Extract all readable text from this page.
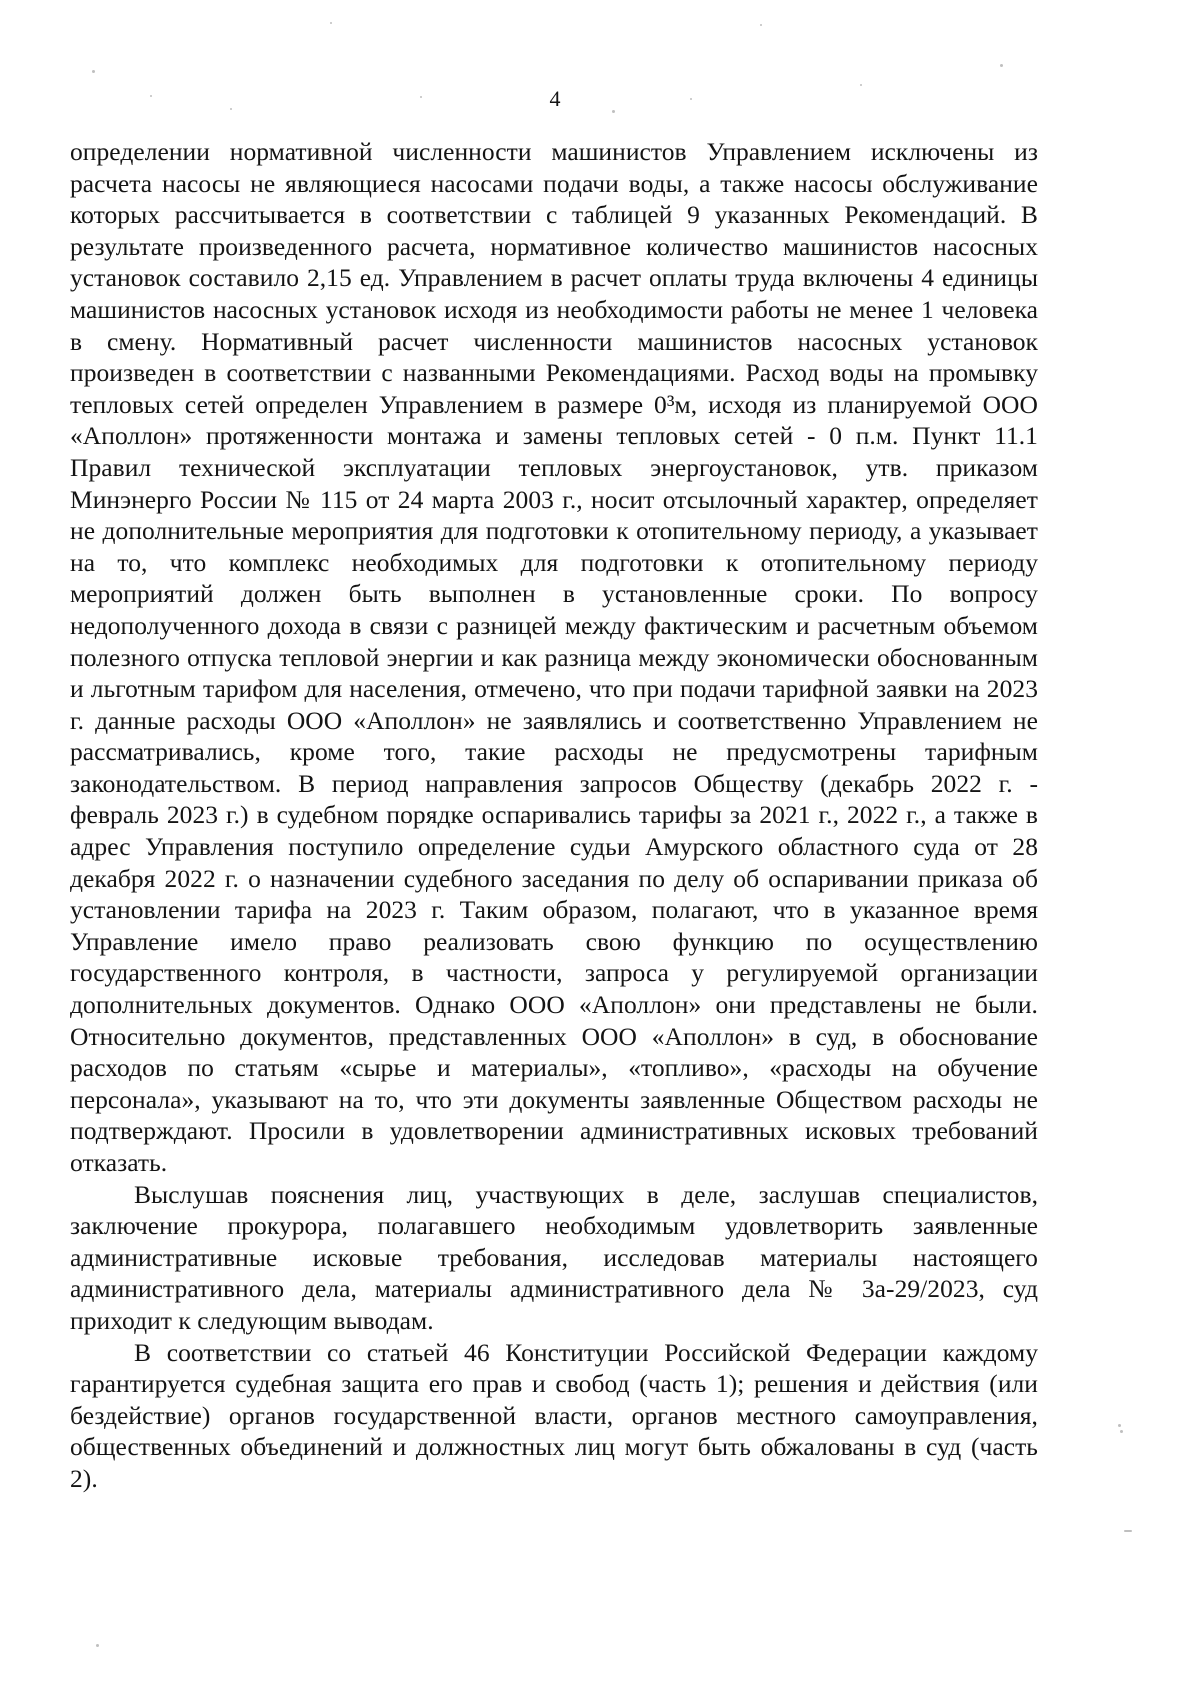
4

определении нормативной численности машинистов Управлением исключены из расчета насосы не являющиеся насосами подачи воды, а также насосы обслуживание которых рассчитывается в соответствии с таблицей 9 указанных Рекомендаций. В результате произведенного расчета, нормативное количество машинистов насосных установок составило 2,15 ед. Управлением в расчет оплаты труда включены 4 единицы машинистов насосных установок исходя из необходимости работы не менее 1 человека в смену. Нормативный расчет численности машинистов насосных установок произведен в соответствии с названными Рекомендациями. Расход воды на промывку тепловых сетей определен Управлением в размере 0³м, исходя из планируемой ООО «Аполлон» протяженности монтажа и замены тепловых сетей - 0 п.м. Пункт 11.1 Правил технической эксплуатации тепловых энергоустановок, утв. приказом Минэнерго России № 115 от 24 марта 2003 г., носит отсылочный характер, определяет не дополнительные мероприятия для подготовки к отопительному периоду, а указывает на то, что комплекс необходимых для подготовки к отопительному периоду мероприятий должен быть выполнен в установленные сроки. По вопросу недополученного дохода в связи с разницей между фактическим и расчетным объемом полезного отпуска тепловой энергии и как разница между экономически обоснованным и льготным тарифом для населения, отмечено, что при подачи тарифной заявки на 2023 г. данные расходы ООО «Аполлон» не заявлялись и соответственно Управлением не рассматривались, кроме того, такие расходы не предусмотрены тарифным законодательством. В период направления запросов Обществу (декабрь 2022 г. - февраль 2023 г.) в судебном порядке оспаривались тарифы за 2021 г., 2022 г., а также в адрес Управления поступило определение судьи Амурского областного суда от 28 декабря 2022 г. о назначении судебного заседания по делу об оспаривании приказа об установлении тарифа на 2023 г. Таким образом, полагают, что в указанное время Управление имело право реализовать свою функцию по осуществлению государственного контроля, в частности, запроса у регулируемой организации дополнительных документов. Однако ООО «Аполлон» они представлены не были. Относительно документов, представленных ООО «Аполлон» в суд, в обоснование расходов по статьям «сырье и материалы», «топливо», «расходы на обучение персонала», указывают на то, что эти документы заявленные Обществом расходы не подтверждают. Просили в удовлетворении административных исковых требований отказать.

Выслушав пояснения лиц, участвующих в деле, заслушав специалистов, заключение прокурора, полагавшего необходимым удовлетворить заявленные административные исковые требования, исследовав материалы настоящего административного дела, материалы административного дела № 3а-29/2023, суд приходит к следующим выводам.

В соответствии со статьей 46 Конституции Российской Федерации каждому гарантируется судебная защита его прав и свобод (часть 1); решения и действия (или бездействие) органов государственной власти, органов местного самоуправления, общественных объединений и должностных лиц могут быть обжалованы в суд (часть 2).
